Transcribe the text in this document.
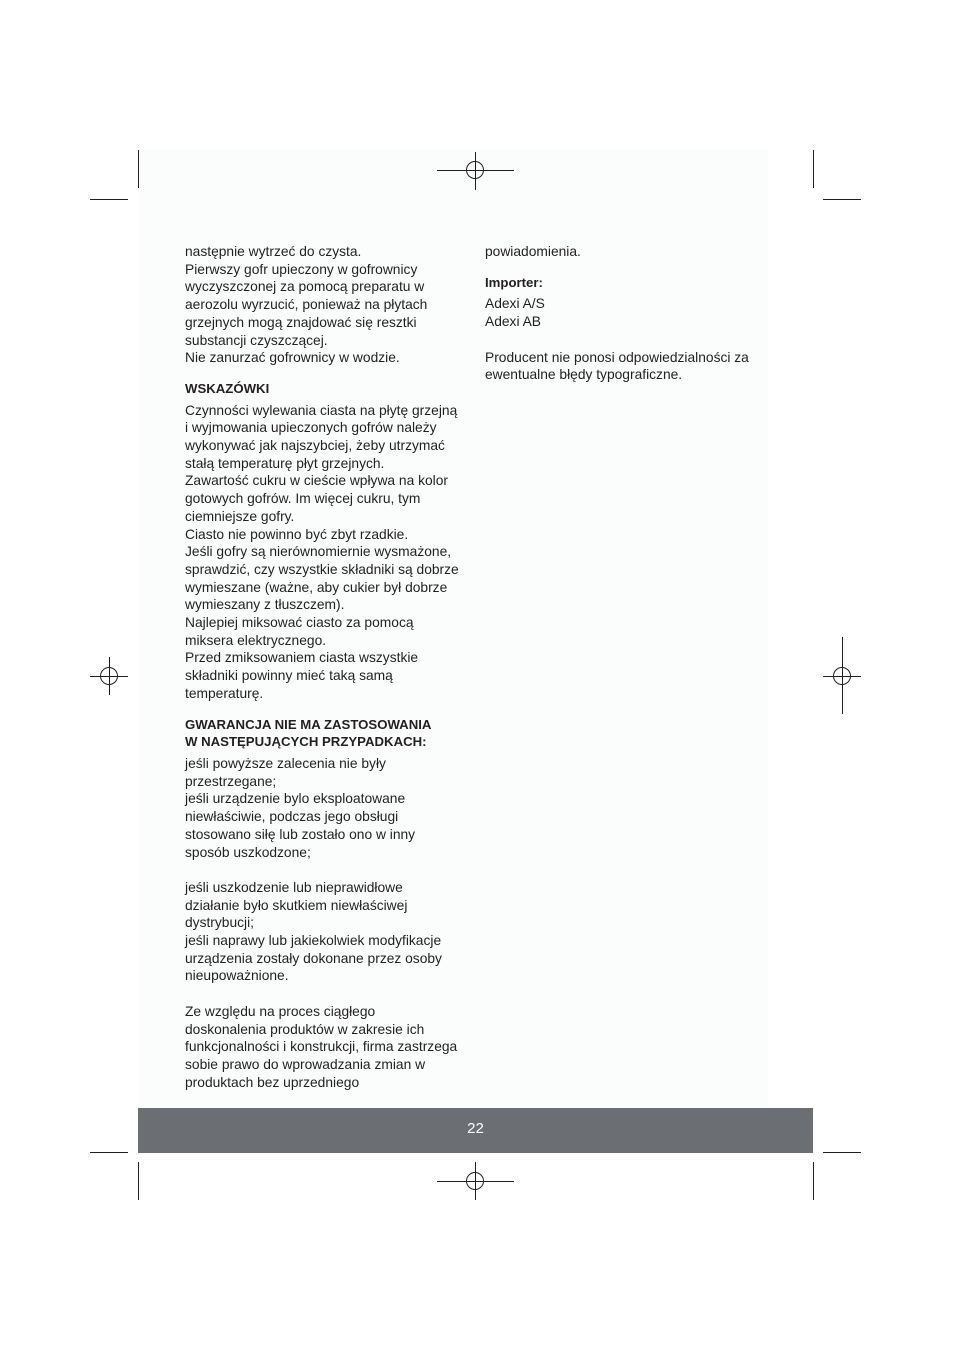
następnie wytrzeć do czysta.
Pierwszy gofr upieczony w gofrownicy
wyczyszczonej za pomocą preparatu w
aerozolu wyrzucić, ponieważ na płytach
grzejnych mogą znajdować się resztki
substancji czyszczącej.
Nie zanurzać gofrownicy w wodzie.
WSKAZÓWKI
Czynności wylewania ciasta na płytę grzejną
i wyjmowania upieczonych gofrów należy
wykonywać jak najszybciej, żeby utrzymać
stałą temperaturę płyt grzejnych.
Zawartość cukru w cieście wpływa na kolor
gotowych gofrów. Im więcej cukru, tym
ciemniejsze gofry.
Ciasto nie powinno być zbyt rzadkie.
Jeśli gofry są nierównomiernie wysmażone,
sprawdzić, czy wszystkie składniki są dobrze
wymieszane (ważne, aby cukier był dobrze
wymieszany z tłuszczem).
Najlepiej miksować ciasto za pomocą
miksera elektrycznego.
Przed zmiksowaniem ciasta wszystkie
składniki powinny mieć taką samą
temperaturę.
GWARANCJA NIE MA ZASTOSOWANIA
W NASTĘPUJĄCYCH PRZYPADKACH:
jeśli powyższe zalecenia nie były
przestrzegane;
jeśli urządzenie bylo eksploatowane
niewłaściwie, podczas jego obsługi
stosowano siłę lub zostało ono w inny
sposób uszkodzone;
jeśli uszkodzenie lub nieprawidłowe
działanie było skutkiem niewłaściwej
dystrybucji;
jeśli naprawy lub jakiekolwiek modyfikacje
urządzenia zostały dokonane przez osoby
nieupoważnione.
Ze względu na proces ciągłego
doskonalenia produktów w zakresie ich
funkcjonalności i konstrukcji, firma zastrzega
sobie prawo do wprowadzania zmian w
produktach bez uprzedniego
powiadomienia.
Importer:
Adexi A/S
Adexi AB
Producent nie ponosi odpowiedzialności za
ewentualne błędy typograficzne.
22
